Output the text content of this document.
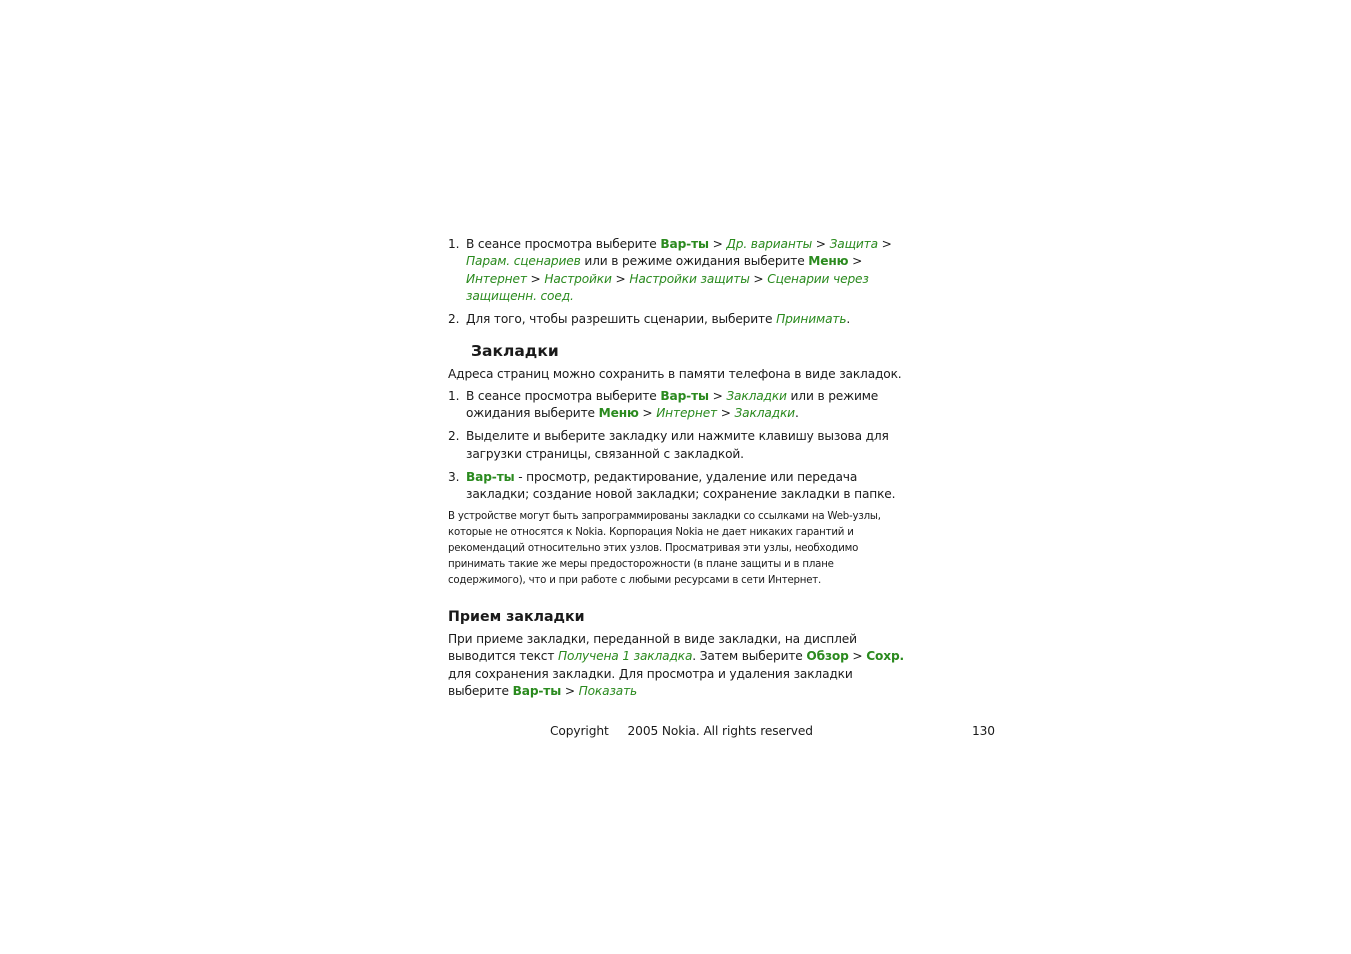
1. В сеансе просмотра выберите Вар-ты > Др. варианты > Защита > Парам. сценариев или в режиме ожидания выберите Меню > Интернет > Настройки > Настройки защиты > Сценарии через защищенн. соед.
2. Для того, чтобы разрешить сценарии, выберите Принимать.
Закладки

Адреса страниц можно сохранить в памяти телефона в виде закладок.

1. В сеансе просмотра выберите Вар-ты > Закладки или в режиме ожидания выберите Меню > Интернет > Закладки.
2. Выделите и выберите закладку или нажмите клавишу вызова для загрузки страницы, связанной с закладкой.
3. Вар-ты - просмотр, редактирование, удаление или передача закладки; создание новой закладки; сохранение закладки в папке.

В устройстве могут быть запрограммированы закладки со ссылками на Web-узлы, которые не относятся к Nokia. Корпорация Nokia не дает никаких гарантий и рекомендаций относительно этих узлов. Просматривая эти узлы, необходимо принимать такие же меры предосторожности (в плане защиты и в плане содержимого), что и при работе с любыми ресурсами в сети Интернет.

Прием закладки

При приеме закладки, переданной в виде закладки, на дисплей выводится текст Получена 1 закладка. Затем выберите Обзор > Сохр. для сохранения закладки. Для просмотра и удаления закладки выберите Вар-ты > Показать

Copyright     2005 Nokia. All rights reserved	130
